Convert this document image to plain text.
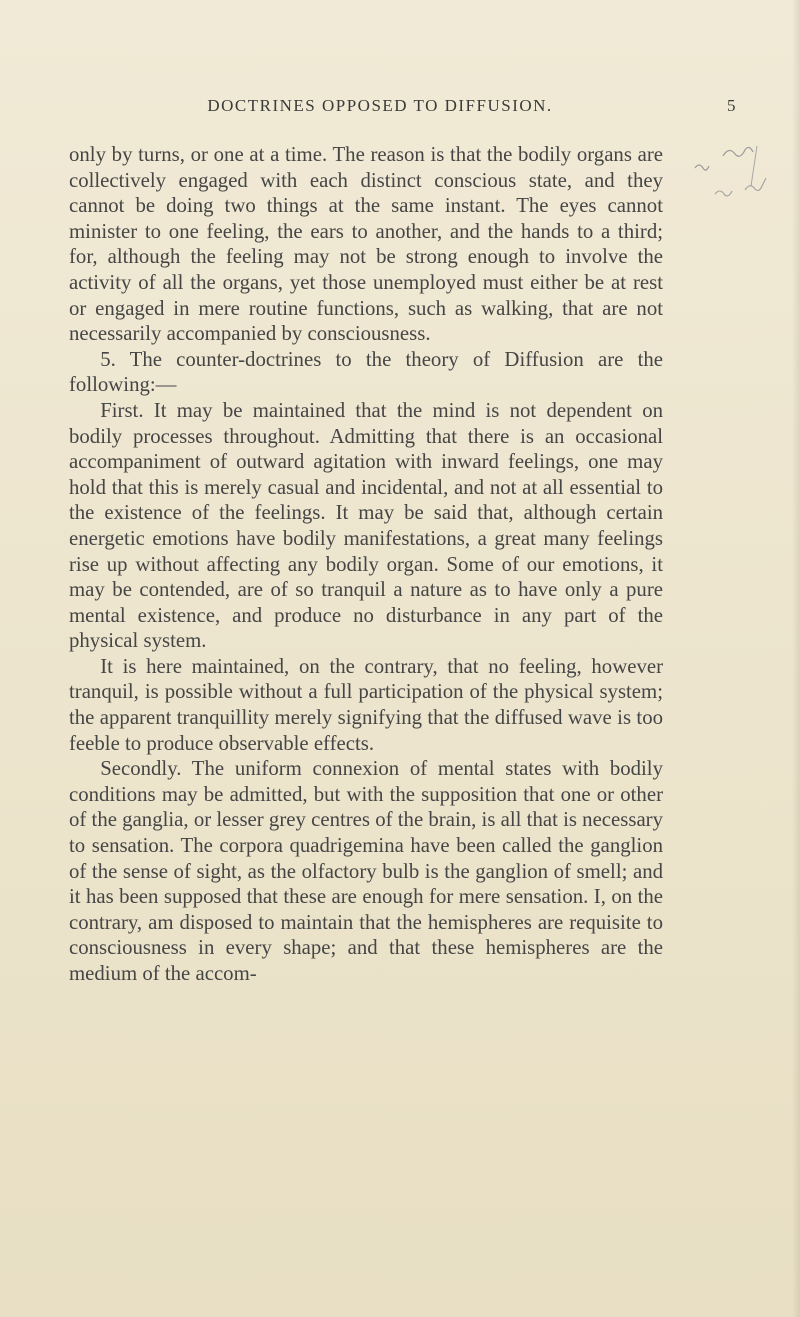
DOCTRINES OPPOSED TO DIFFUSION.	5

only by turns, or one at a time. The reason is that the bodily organs are collectively engaged with each distinct conscious state, and they cannot be doing two things at the same instant. The eyes cannot minister to one feeling, the ears to another, and the hands to a third; for, although the feeling may not be strong enough to involve the activity of all the organs, yet those unemployed must either be at rest or engaged in mere routine functions, such as walking, that are not necessarily accompanied by consciousness.

5. The counter-doctrines to the theory of Diffusion are the following:—

First. It may be maintained that the mind is not dependent on bodily processes throughout. Admitting that there is an occasional accompaniment of outward agitation with inward feelings, one may hold that this is merely casual and incidental, and not at all essential to the existence of the feelings. It may be said that, although certain energetic emotions have bodily manifestations, a great many feelings rise up without affecting any bodily organ. Some of our emotions, it may be contended, are of so tranquil a nature as to have only a pure mental existence, and produce no disturbance in any part of the physical system.

It is here maintained, on the contrary, that no feeling, however tranquil, is possible without a full participation of the physical system; the apparent tranquillity merely signifying that the diffused wave is too feeble to produce observable effects.

Secondly. The uniform connexion of mental states with bodily conditions may be admitted, but with the supposition that one or other of the ganglia, or lesser grey centres of the brain, is all that is necessary to sensation. The corpora quadrigemina have been called the ganglion of the sense of sight, as the olfactory bulb is the ganglion of smell; and it has been supposed that these are enough for mere sensation. I, on the contrary, am disposed to maintain that the hemispheres are requisite to consciousness in every shape; and that these hemispheres are the medium of the accom-
